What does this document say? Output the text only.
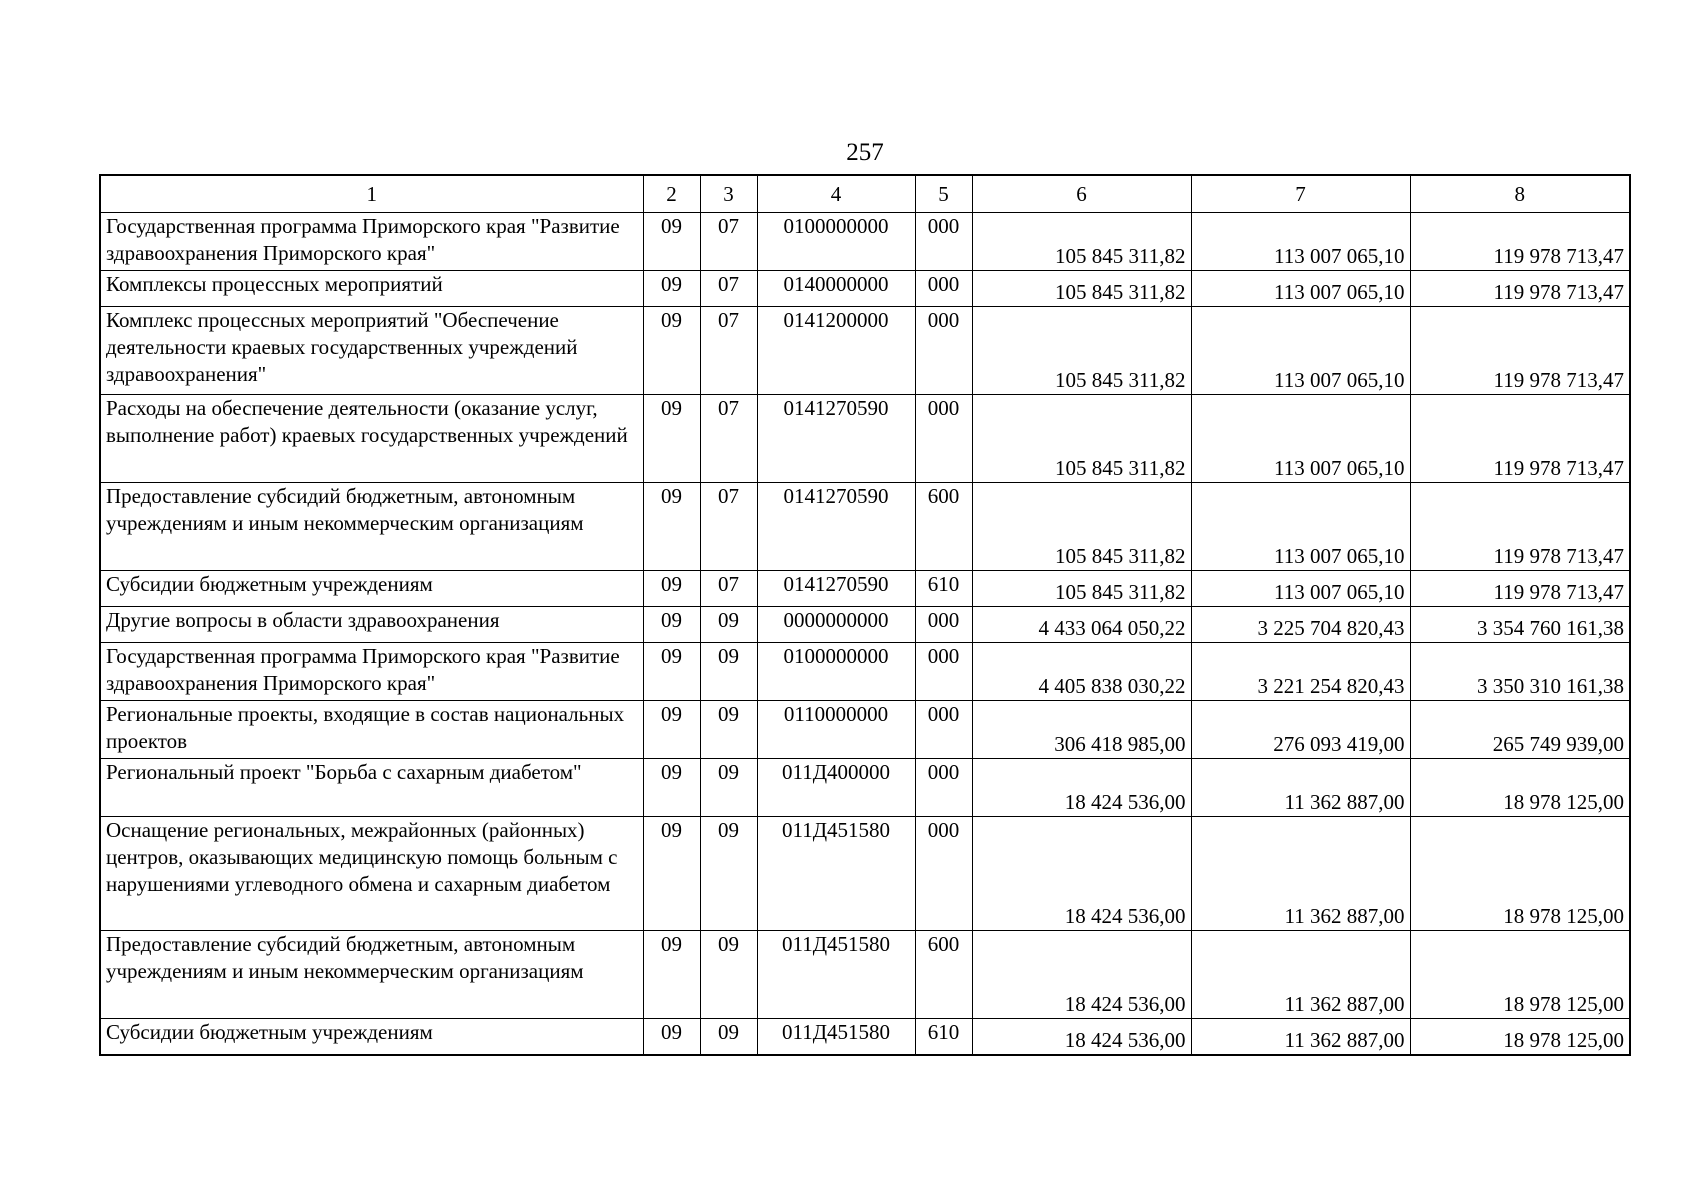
257
1	2	3	4	5	6	7	8
Государственная программа Приморского края "Развитие здравоохранения Приморского края"	09	07	0100000000	000	105 845 311,82	113 007 065,10	119 978 713,47
Комплексы процессных мероприятий	09	07	0140000000	000	105 845 311,82	113 007 065,10	119 978 713,47
Комплекс процессных мероприятий "Обеспечение деятельности краевых государственных учреждений здравоохранения"	09	07	0141200000	000	105 845 311,82	113 007 065,10	119 978 713,47
Расходы на обеспечение деятельности (оказание услуг, выполнение работ) краевых государственных учреждений	09	07	0141270590	000	105 845 311,82	113 007 065,10	119 978 713,47
Предоставление субсидий бюджетным, автономным учреждениям и иным некоммерческим организациям	09	07	0141270590	600	105 845 311,82	113 007 065,10	119 978 713,47
Субсидии бюджетным учреждениям	09	07	0141270590	610	105 845 311,82	113 007 065,10	119 978 713,47
Другие вопросы в области здравоохранения	09	09	0000000000	000	4 433 064 050,22	3 225 704 820,43	3 354 760 161,38
Государственная программа Приморского края "Развитие здравоохранения Приморского края"	09	09	0100000000	000	4 405 838 030,22	3 221 254 820,43	3 350 310 161,38
Региональные проекты, входящие в состав национальных проектов	09	09	0110000000	000	306 418 985,00	276 093 419,00	265 749 939,00
Региональный проект "Борьба с сахарным диабетом"	09	09	011Д400000	000	18 424 536,00	11 362 887,00	18 978 125,00
Оснащение региональных, межрайонных (районных) центров, оказывающих медицинскую помощь больным с нарушениями углеводного обмена и сахарным диабетом	09	09	011Д451580	000	18 424 536,00	11 362 887,00	18 978 125,00
Предоставление субсидий бюджетным, автономным учреждениям и иным некоммерческим организациям	09	09	011Д451580	600	18 424 536,00	11 362 887,00	18 978 125,00
Субсидии бюджетным учреждениям	09	09	011Д451580	610	18 424 536,00	11 362 887,00	18 978 125,00
